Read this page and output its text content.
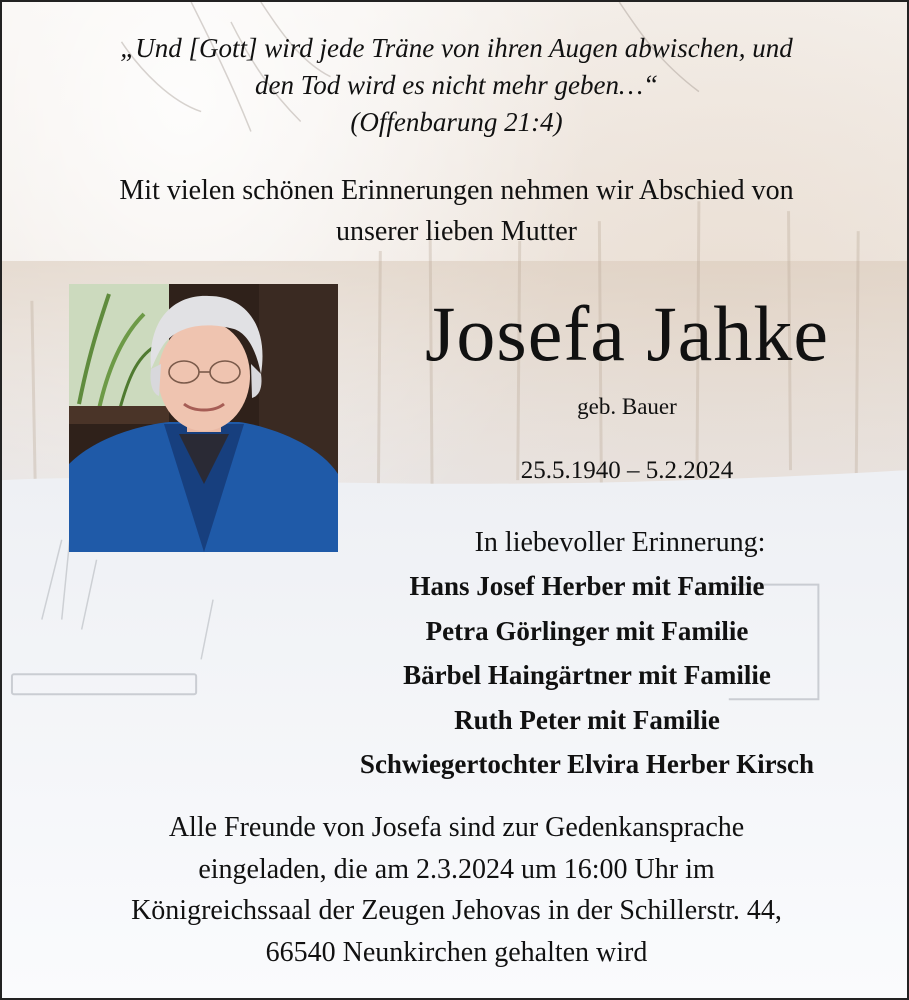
„Und [Gott] wird jede Träne von ihren Augen abwischen, und
den Tod wird es nicht mehr geben…“
(Offenbarung 21:4)

Mit vielen schönen Erinnerungen nehmen wir Abschied von
unserer lieben Mutter

Josefa Jahke

geb. Bauer

25.5.1940 – 5.2.2024

In liebevoller Erinnerung:

Hans Josef Herber mit Familie
Petra Görlinger mit Familie
Bärbel Haingärtner mit Familie
Ruth Peter mit Familie
Schwiegertochter Elvira Herber Kirsch

Alle Freunde von Josefa sind zur Gedenkansprache
eingeladen, die am 2.3.2024 um 16:00 Uhr im
Königreichssaal der Zeugen Jehovas in der Schillerstr. 44,
66540 Neunkirchen gehalten wird
